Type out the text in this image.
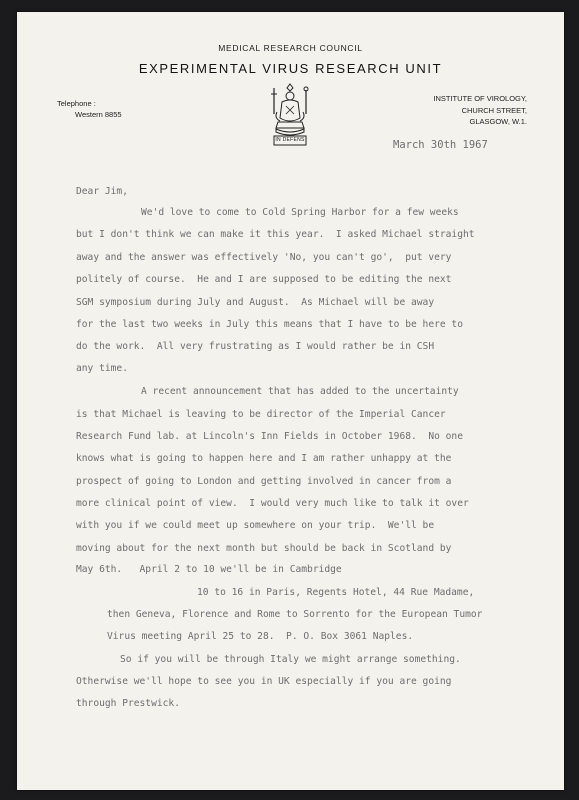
MEDICAL RESEARCH COUNCIL
EXPERIMENTAL VIRUS RESEARCH UNIT
Telephone :
Western 8855
IN DEFENS
INSTITUTE OF VIROLOGY,
CHURCH STREET,
GLASGOW, W.1.
March 30th 1967
Dear Jim,
We'd love to come to Cold Spring Harbor for a few weeks
but I don't think we can make it this year.  I asked Michael straight
away and the answer was effectively 'No, you can't go',  put very
politely of course.  He and I are supposed to be editing the next
SGM symposium during July and August.  As Michael will be away
for the last two weeks in July this means that I have to be here to
do the work.  All very frustrating as I would rather be in CSH
any time.
A recent announcement that has added to the uncertainty
is that Michael is leaving to be director of the Imperial Cancer
Research Fund lab. at Lincoln's Inn Fields in October 1968.  No one
knows what is going to happen here and I am rather unhappy at the
prospect of going to London and getting involved in cancer from a
more clinical point of view.  I would very much like to talk it over
with you if we could meet up somewhere on your trip.  We'll be
moving about for the next month but should be back in Scotland by
May 6th.   April 2 to 10 we'll be in Cambridge
10 to 16 in Paris, Regents Hotel, 44 Rue Madame,
then Geneva, Florence and Rome to Sorrento for the European Tumor
Virus meeting April 25 to 28.  P. O. Box 3061 Naples.
So if you will be through Italy we might arrange something.
Otherwise we'll hope to see you in UK especially if you are going
through Prestwick.
